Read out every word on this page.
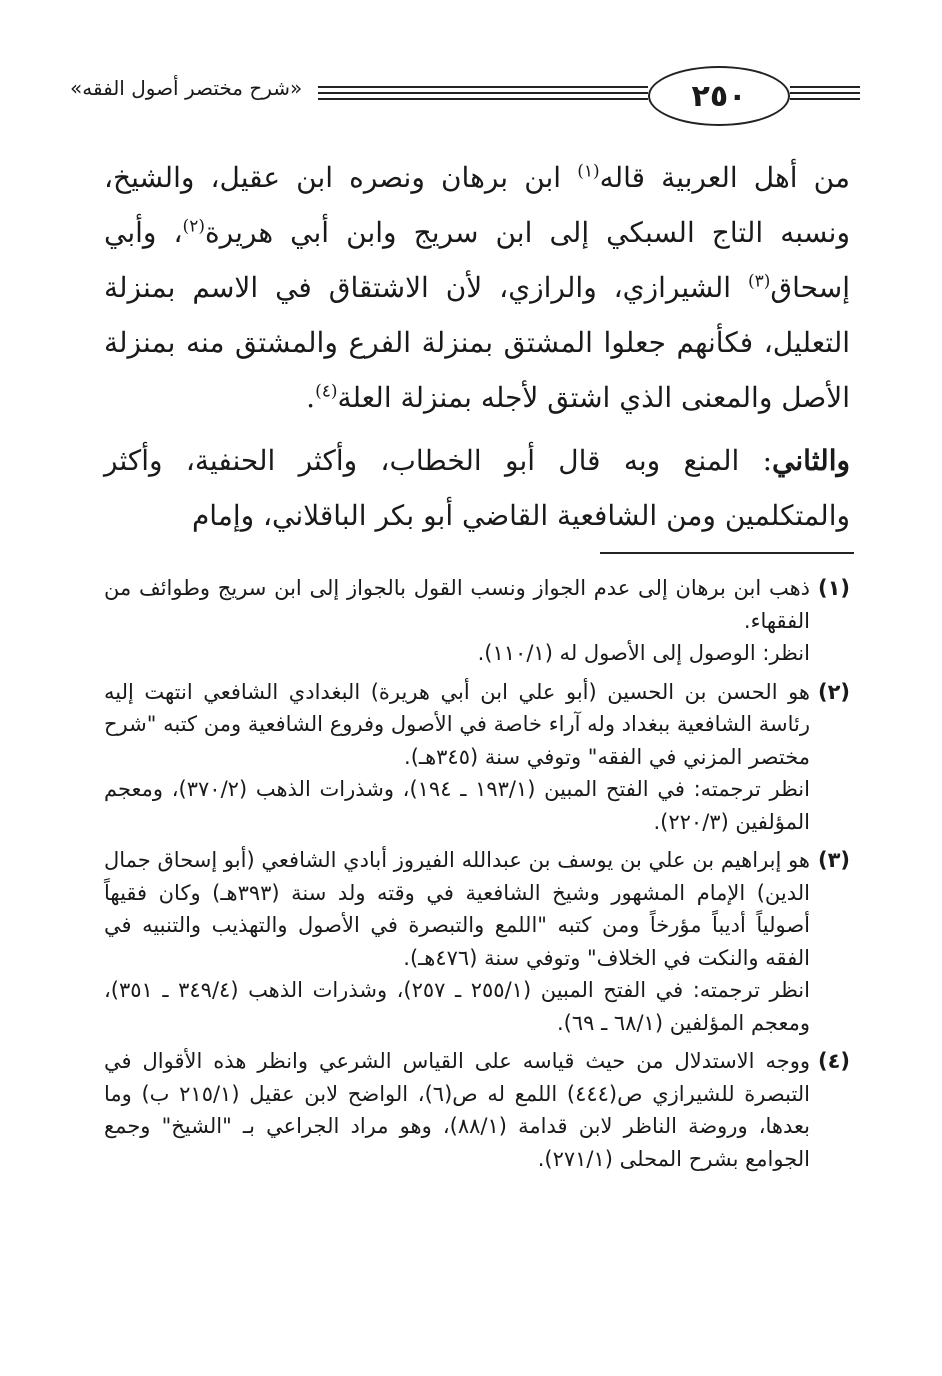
«شرح مختصر أصول الفقه»	٢٥٠

من أهل العربية قاله$^{(١)}$ ابن برهان ونصره ابن عقيل، والشيخ، ونسبه التاج السبكي إلى ابن سريج وابن أبي هريرة$^{(٢)}$، وأبي إسحاق$^{(٣)}$ الشيرازي، والرازي، لأن الاشتقاق في الاسم بمنزلة التعليل، فكأنهم جعلوا المشتق بمنزلة الفرع والمشتق منه بمنزلة الأصل والمعنى الذي اشتق لأجله بمنزلة العلة$^{(٤)}$.

والثاني: المنع وبه قال أبو الخطاب، وأكثر الحنفية، وأكثر والمتكلمين ومن الشافعية القاضي أبو بكر الباقلاني، وإمام

(١)

ذهب ابن برهان إلى عدم الجواز ونسب القول بالجواز إلى ابن سريج وطوائف من الفقهاء.

انظر: الوصول إلى الأصول له (١١٠/١).

(٢)

هو الحسن بن الحسين (أبو علي ابن أبي هريرة) البغدادي الشافعي انتهت إليه رئاسة الشافعية ببغداد وله آراء خاصة في الأصول وفروع الشافعية ومن كتبه "شرح مختصر المزني في الفقه" وتوفي سنة (٣٤٥هـ).

انظر ترجمته: في الفتح المبين (١٩٣/١ ـ ١٩٤)، وشذرات الذهب (٣٧٠/٢)، ومعجم المؤلفين (٢٢٠/٣).

(٣)

هو إبراهيم بن علي بن يوسف بن عبدالله الفيروز أبادي الشافعي (أبو إسحاق جمال الدين) الإمام المشهور وشيخ الشافعية في وقته ولد سنة (٣٩٣هـ) وكان فقيهاً أصولياً أديباً مؤرخاً ومن كتبه "اللمع والتبصرة في الأصول والتهذيب والتنبيه في الفقه والنكت في الخلاف" وتوفي سنة (٤٧٦هـ).

انظر ترجمته: في الفتح المبين (٢٥٥/١ ـ ٢٥٧)، وشذرات الذهب (٣٤٩/٤ ـ ٣٥١)، ومعجم المؤلفين (٦٨/١ ـ ٦٩).

(٤)

ووجه الاستدلال من حيث قياسه على القياس الشرعي وانظر هذه الأقوال في التبصرة للشيرازي ص(٤٤٤) اللمع له ص(٦)، الواضح لابن عقيل (٢١٥/١ ب) وما بعدها، وروضة الناظر لابن قدامة (٨٨/١)، وهو مراد الجراعي بـ "الشيخ" وجمع الجوامع بشرح المحلى (٢٧١/١).
